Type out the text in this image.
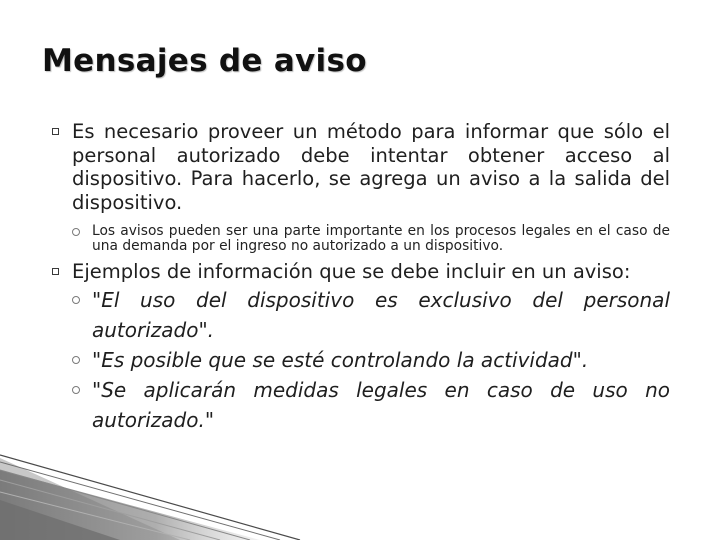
Mensajes de aviso
Es necesario proveer un método para informar que sólo el personal autorizado debe intentar obtener acceso al dispositivo. Para hacerlo, se agrega un aviso a la salida del dispositivo.
Los avisos pueden ser una parte importante en los procesos legales en el caso de una demanda por el ingreso no autorizado a un dispositivo.
Ejemplos de información que se debe incluir en un aviso:
"El uso del dispositivo es exclusivo del personal autorizado".
"Es posible que se esté controlando la actividad".
"Se aplicarán medidas legales en caso de uso no autorizado."
